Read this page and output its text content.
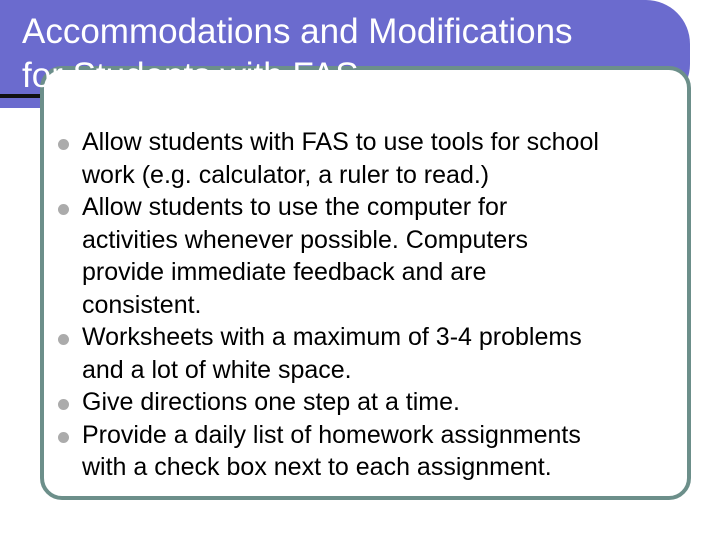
Accommodations and Modifications
for Students with FAS
Allow students with FAS to use tools for school
work (e.g. calculator, a ruler to read.)
Allow students to use the computer for
activities whenever possible. Computers
provide immediate feedback and are
consistent.
Worksheets with a maximum of 3-4 problems
and a lot of white space.
Give directions one step at a time.
Provide a daily list of homework assignments
with a check box next to each assignment.
